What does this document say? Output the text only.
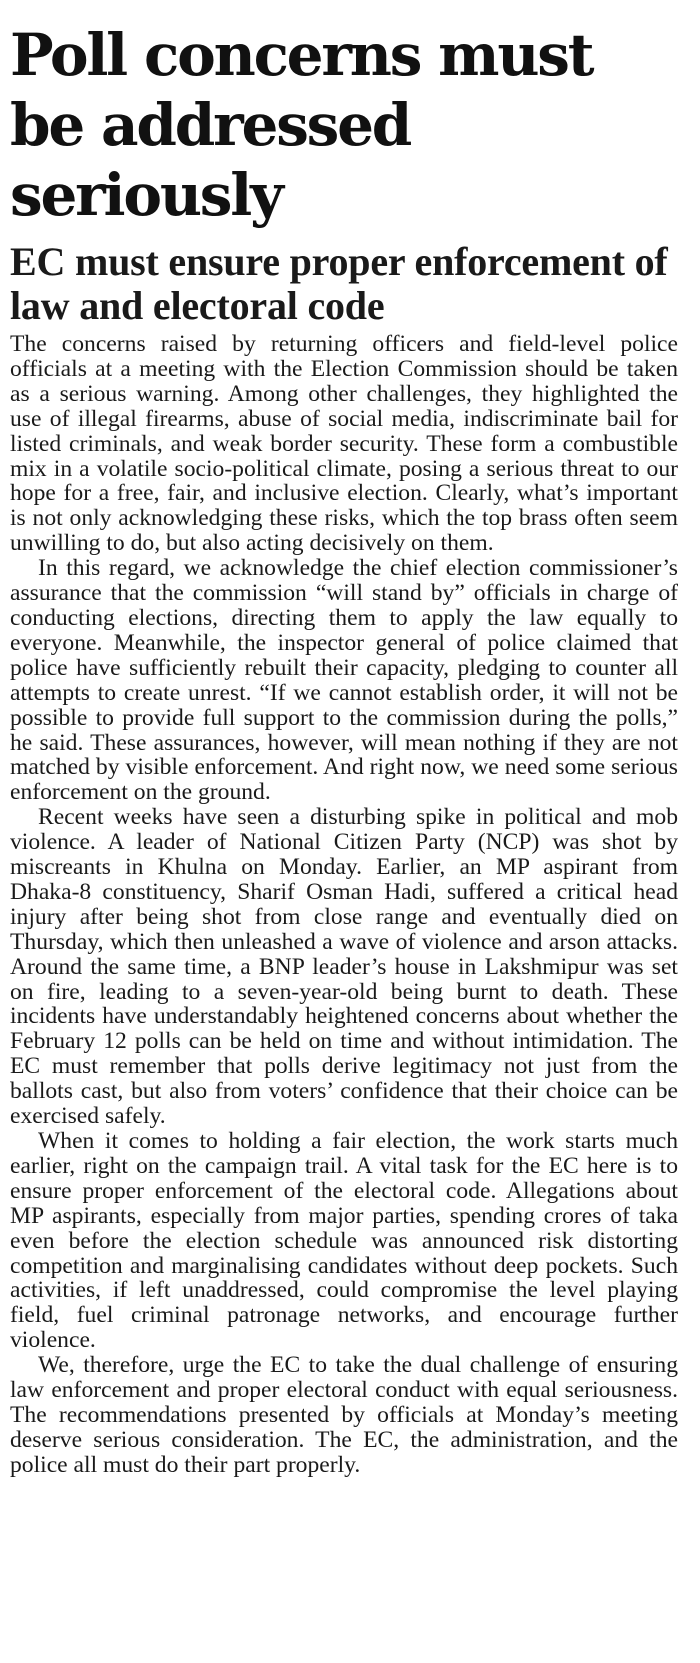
Poll concerns must be addressed seriously
EC must ensure proper enforcement of law and electoral code

The concerns raised by returning officers and field-level police officials at a meeting with the Election Commission should be taken as a serious warning. Among other challenges, they highlighted the use of illegal firearms, abuse of social media, indiscriminate bail for listed criminals, and weak border security. These form a combustible mix in a volatile socio-political climate, posing a serious threat to our hope for a free, fair, and inclusive election. Clearly, what’s important is not only acknowledging these risks, which the top brass often seem unwilling to do, but also acting decisively on them.

In this regard, we acknowledge the chief election commissioner’s assurance that the commission “will stand by” officials in charge of conducting elections, directing them to apply the law equally to everyone. Meanwhile, the inspector general of police claimed that police have sufficiently rebuilt their capacity, pledging to counter all attempts to create unrest. “If we cannot establish order, it will not be possible to provide full support to the commission during the polls,” he said. These assurances, however, will mean nothing if they are not matched by visible enforcement. And right now, we need some serious enforcement on the ground.

Recent weeks have seen a disturbing spike in political and mob violence. A leader of National Citizen Party (NCP) was shot by miscreants in Khulna on Monday. Earlier, an MP aspirant from Dhaka-8 constituency, Sharif Osman Hadi, suffered a critical head injury after being shot from close range and eventually died on Thursday, which then unleashed a wave of violence and arson attacks. Around the same time, a BNP leader’s house in Lakshmipur was set on fire, leading to a seven-year-old being burnt to death. These incidents have understandably heightened concerns about whether the February 12 polls can be held on time and without intimidation. The EC must remember that polls derive legitimacy not just from the ballots cast, but also from voters’ confidence that their choice can be exercised safely.

When it comes to holding a fair election, the work starts much earlier, right on the campaign trail. A vital task for the EC here is to ensure proper enforcement of the electoral code. Allegations about MP aspirants, especially from major parties, spending crores of taka even before the election schedule was announced risk distorting competition and marginalising candidates without deep pockets. Such activities, if left unaddressed, could compromise the level playing field, fuel criminal patronage networks, and encourage further violence.

We, therefore, urge the EC to take the dual challenge of ensuring law enforcement and proper electoral conduct with equal seriousness. The recommendations presented by officials at Monday’s meeting deserve serious consideration. The EC, the administration, and the police all must do their part properly.
